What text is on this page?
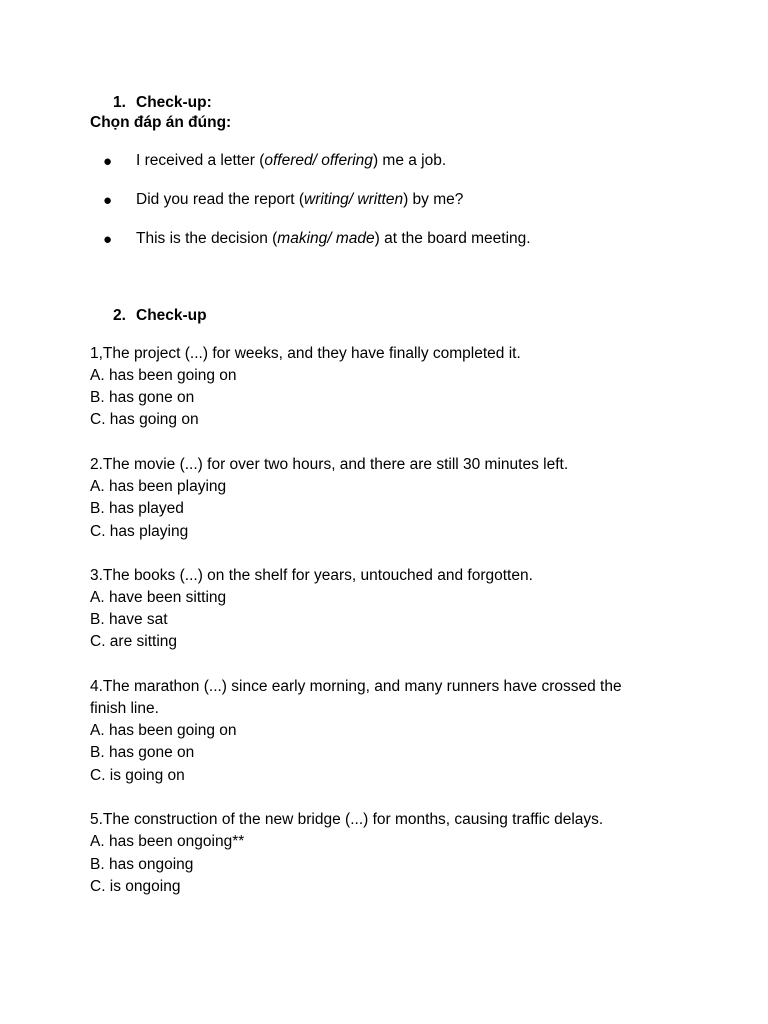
1. Check-up:
Chọn đáp án đúng:
● I received a letter (offered/ offering) me a job.
● Did you read the report (writing/ written) by me?
● This is the decision (making/ made) at the board meeting.
2. Check-up
1,The project (...) for weeks, and they have finally completed it.
A. has been going on
B. has gone on
C. has going on
2.The movie (...) for over two hours, and there are still 30 minutes left.
A. has been playing
B. has played
C. has playing
3.The books (...) on the shelf for years, untouched and forgotten.
A. have been sitting
B. have sat
C. are sitting
4.The marathon (...) since early morning, and many runners have crossed the
finish line.
A. has been going on
B. has gone on
C. is going on
5.The construction of the new bridge (...) for months, causing traffic delays.
A. has been ongoing**
B. has ongoing
C. is ongoing
